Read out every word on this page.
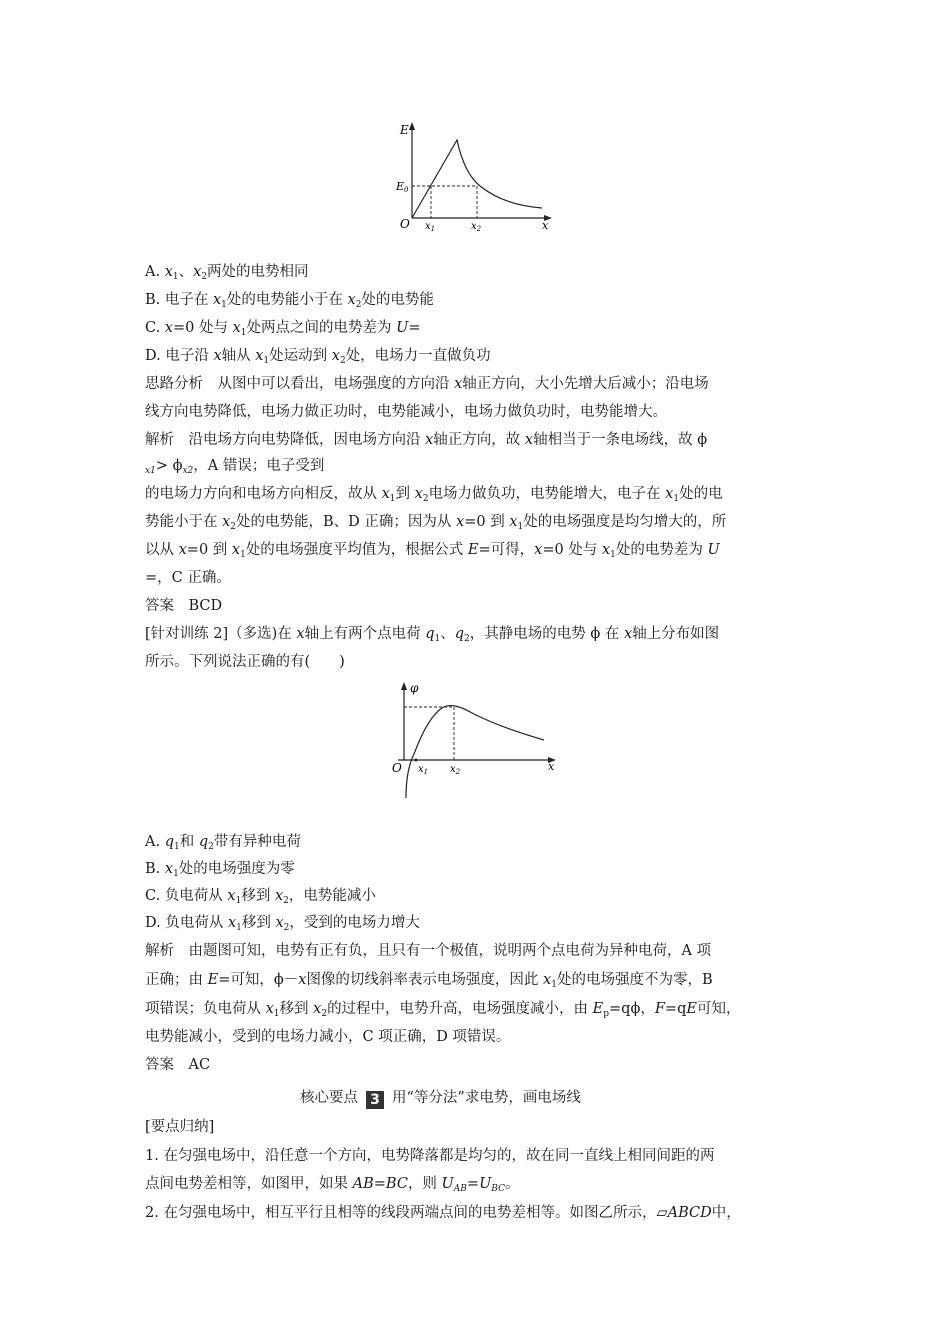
E
E0
O	x
$x_1$	$x_2$
A. $x_1$、$x_2$两处的电势相同
B. 电子在 $x_1$处的电势能小于在 $x_2$处的电势能
C. x=0 处与 $x_1$处两点之间的电势差为 U=
D. 电子沿 x轴从 $x_1$处运动到 $x_2$处，电场力一直做负功
思路分析　从图中可以看出，电场强度的方向沿 x轴正方向，大小先增大后减小；沿电场
线方向电势降低，电场力做正功时，电势能减小，电场力做负功时，电势能增大。
解析　沿电场方向电势降低，因电场方向沿 x轴正方向，故 x轴相当于一条电场线，故 ϕ
$_{x1}> \phi_{x2}$，A 错误；电子受到
的电场力方向和电场方向相反，故从 $x_1$到 $x_2$电场力做负功，电势能增大，电子在 $x_1$处的电
势能小于在 $x_2$处的电势能，B、D 正确；因为从 x=0 到 $x_1$处的电场强度是均匀增大的，所
以从 x=0 到 $x_1$处的电场强度平均值为，根据公式 E=可得，x=0 处与 $x_1$处的电势差为 U
=，C 正确。
答案　BCD
[针对训练 2]（多选)在 x轴上有两个点电荷 $q_1$、$q_2$，其静电场的电势 ϕ 在 x轴上分布如图
所示。下列说法正确的有(　　)
φ
O	x
$x_1$ $x_2$
A. $q_1$和 $q_2$带有异种电荷
B. $x_1$处的电场强度为零
C. 负电荷从 $x_1$移到 $x_2$，电势能减小
D. 负电荷从 $x_1$移到 $x_2$，受到的电场力增大
解析　由题图可知，电势有正有负，且只有一个极值，说明两个点电荷为异种电荷，A 项
正确；由 E=可知，ϕ－x图像的切线斜率表示电场强度，因此 $x_1$处的电场强度不为零，B
项错误；负电荷从 $x_1$移到 $x_2$的过程中，电势升高，电场强度减小，由 $E_p=q\phi$，F=qE可知，
电势能减小，受到的电场力减小，C 项正确，D 项错误。
答案　AC
核心要点 3 用“等分法”求电势，画电场线
[要点归纳]
1. 在匀强电场中，沿任意一个方向，电势降落都是均匀的，故在同一直线上相同间距的两
点间电势差相等，如图甲，如果 AB=BC，则 $U_{AB}=U_{BC}$。
2. 在匀强电场中，相互平行且相等的线段两端点间的电势差相等。如图乙所示，▱ABCD中，
